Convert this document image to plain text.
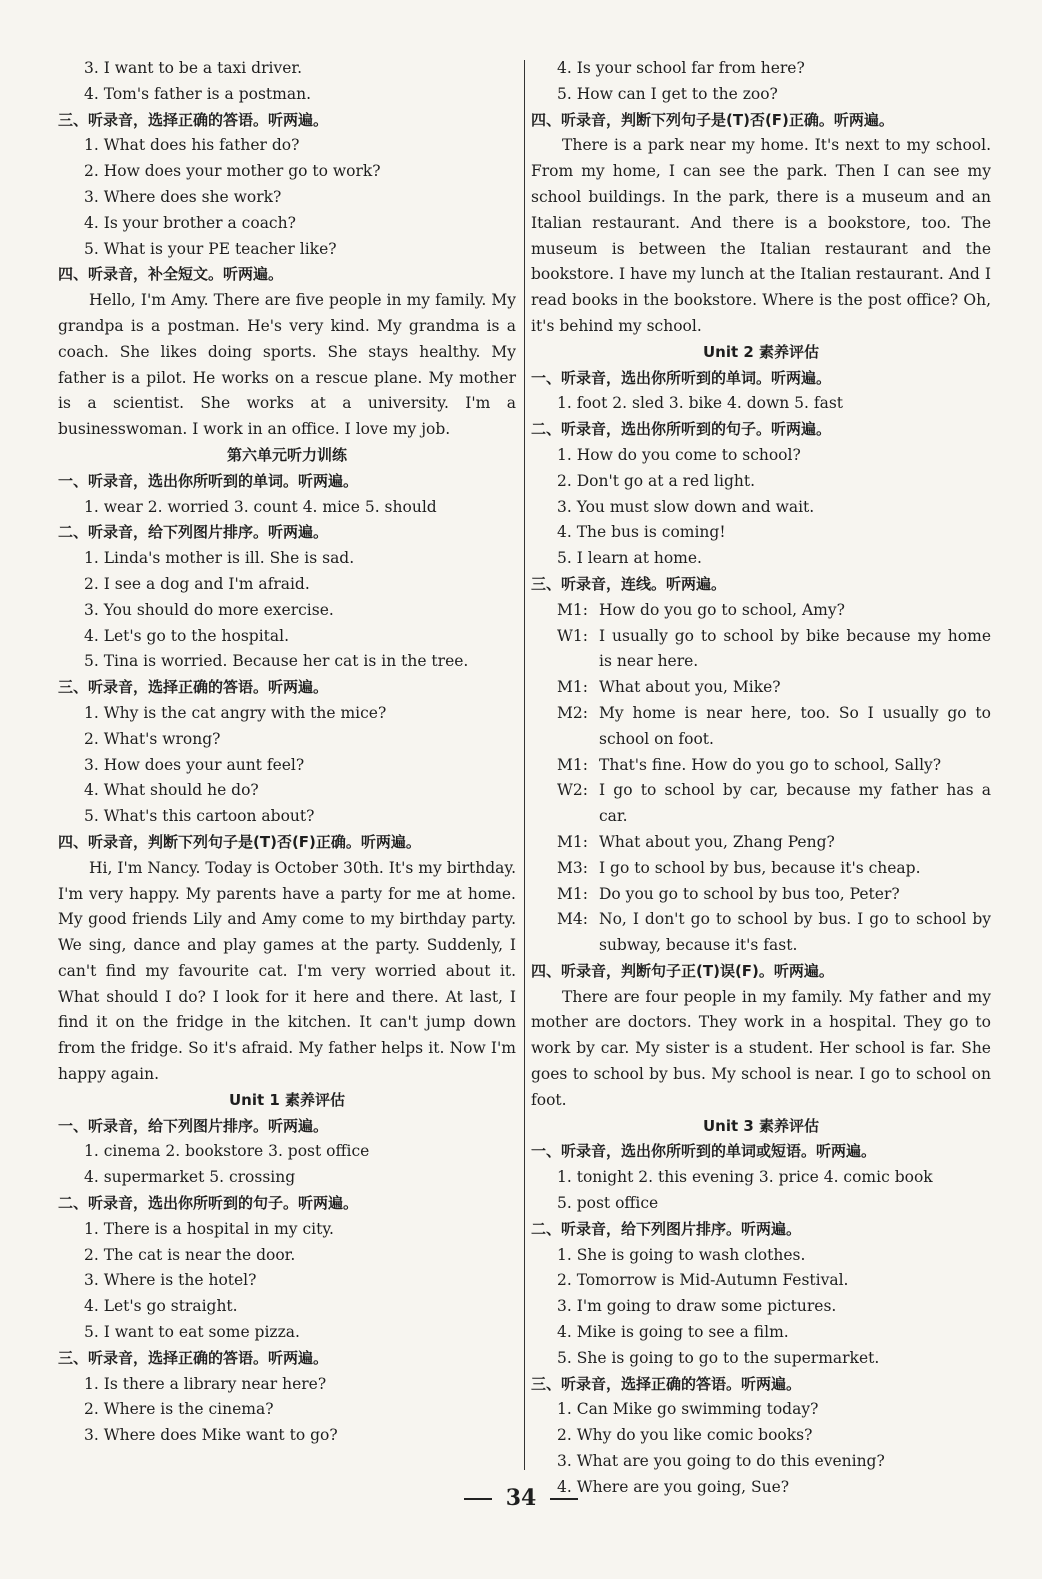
3. I want to be a taxi driver.
4. Tom's father is a postman.
三、听录音，选择正确的答语。听两遍。
1. What does his father do?
2. How does your mother go to work?
3. Where does she work?
4. Is your brother a coach?
5. What is your PE teacher like?
四、听录音，补全短文。听两遍。
Hello, I'm Amy. There are five people in my family. My grandpa is a postman. He's very kind. My grandma is a coach. She likes doing sports. She stays healthy. My father is a pilot. He works on a rescue plane. My mother is a scientist. She works at a university. I'm a businesswoman. I work in an office. I love my job.
第六单元听力训练
一、听录音，选出你所听到的单词。听两遍。
1. wear 2. worried 3. count 4. mice 5. should
二、听录音，给下列图片排序。听两遍。
1. Linda's mother is ill. She is sad.
2. I see a dog and I'm afraid.
3. You should do more exercise.
4. Let's go to the hospital.
5. Tina is worried. Because her cat is in the tree.
三、听录音，选择正确的答语。听两遍。
1. Why is the cat angry with the mice?
2. What's wrong?
3. How does your aunt feel?
4. What should he do?
5. What's this cartoon about?
四、听录音，判断下列句子是(T)否(F)正确。听两遍。
Hi, I'm Nancy. Today is October 30th. It's my birthday. I'm very happy. My parents have a party for me at home. My good friends Lily and Amy come to my birthday party. We sing, dance and play games at the party. Suddenly, I can't find my favourite cat. I'm very worried about it. What should I do? I look for it here and there. At last, I find it on the fridge in the kitchen. It can't jump down from the fridge. So it's afraid. My father helps it. Now I'm happy again.
Unit 1 素养评估
一、听录音，给下列图片排序。听两遍。
1. cinema 2. bookstore 3. post office
4. supermarket 5. crossing
二、听录音，选出你所听到的句子。听两遍。
1. There is a hospital in my city.
2. The cat is near the door.
3. Where is the hotel?
4. Let's go straight.
5. I want to eat some pizza.
三、听录音，选择正确的答语。听两遍。
1. Is there a library near here?
2. Where is the cinema?
3. Where does Mike want to go?
4. Is your school far from here?
5. How can I get to the zoo?
四、听录音，判断下列句子是(T)否(F)正确。听两遍。
There is a park near my home. It's next to my school. From my home, I can see the park. Then I can see my school buildings. In the park, there is a museum and an Italian restaurant. And there is a bookstore, too. The museum is between the Italian restaurant and the bookstore. I have my lunch at the Italian restaurant. And I read books in the bookstore. Where is the post office? Oh, it's behind my school.
Unit 2 素养评估
一、听录音，选出你所听到的单词。听两遍。
1. foot 2. sled 3. bike 4. down 5. fast
二、听录音，选出你所听到的句子。听两遍。
1. How do you come to school?
2. Don't go at a red light.
3. You must slow down and wait.
4. The bus is coming!
5. I learn at home.
三、听录音，连线。听两遍。
M1: How do you go to school, Amy?
W1: I usually go to school by bike because my home is near here.
M1: What about you, Mike?
M2: My home is near here, too. So I usually go to school on foot.
M1: That's fine. How do you go to school, Sally?
W2: I go to school by car, because my father has a car.
M1: What about you, Zhang Peng?
M3: I go to school by bus, because it's cheap.
M1: Do you go to school by bus too, Peter?
M4: No, I don't go to school by bus. I go to school by subway, because it's fast.
四、听录音，判断句子正(T)误(F)。听两遍。
There are four people in my family. My father and my mother are doctors. They work in a hospital. They go to work by car. My sister is a student. Her school is far. She goes to school by bus. My school is near. I go to school on foot.
Unit 3 素养评估
一、听录音，选出你所听到的单词或短语。听两遍。
1. tonight 2. this evening 3. price 4. comic book
5. post office
二、听录音，给下列图片排序。听两遍。
1. She is going to wash clothes.
2. Tomorrow is Mid-Autumn Festival.
3. I'm going to draw some pictures.
4. Mike is going to see a film.
5. She is going to go to the supermarket.
三、听录音，选择正确的答语。听两遍。
1. Can Mike go swimming today?
2. Why do you like comic books?
3. What are you going to do this evening?
4. Where are you going, Sue?
34
